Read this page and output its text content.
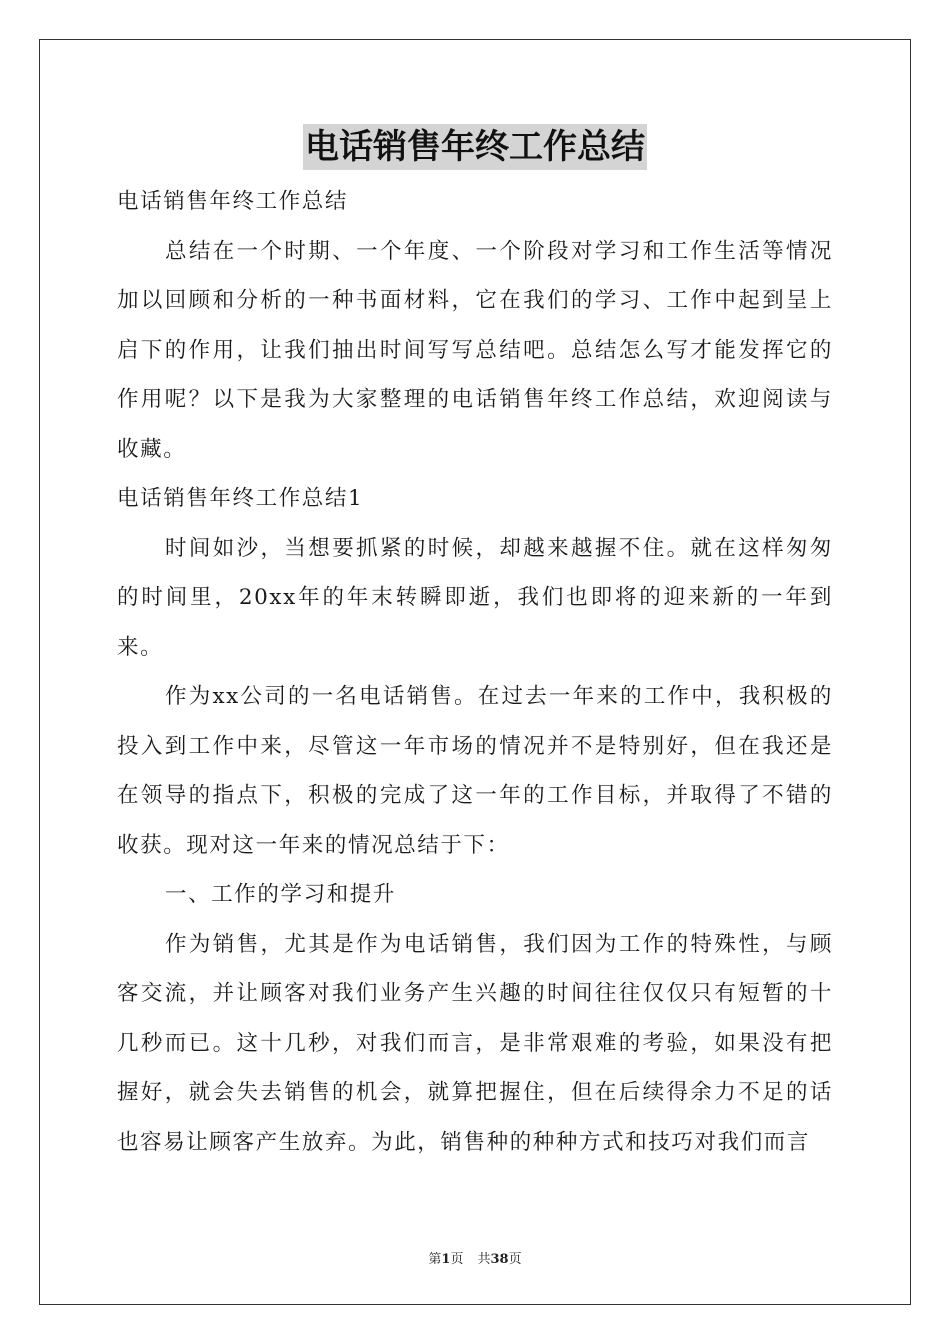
电话销售年终工作总结

电话销售年终工作总结

总结在一个时期、一个年度、一个阶段对学习和工作生活等情况加以回顾和分析的一种书面材料，它在我们的学习、工作中起到呈上启下的作用，让我们抽出时间写写总结吧。总结怎么写才能发挥它的作用呢？以下是我为大家整理的电话销售年终工作总结，欢迎阅读与收藏。

电话销售年终工作总结1

时间如沙，当想要抓紧的时候，却越来越握不住。就在这样匆匆的时间里，20xx年的年末转瞬即逝，我们也即将的迎来新的一年到来。

作为xx公司的一名电话销售。在过去一年来的工作中，我积极的投入到工作中来，尽管这一年市场的情况并不是特别好，但在我还是在领导的指点下，积极的完成了这一年的工作目标，并取得了不错的收获。现对这一年来的情况总结于下：

一、工作的学习和提升

作为销售，尤其是作为电话销售，我们因为工作的特殊性，与顾客交流，并让顾客对我们业务产生兴趣的时间往往仅仅只有短暂的十几秒而已。这十几秒，对我们而言，是非常艰难的考验，如果没有把握好，就会失去销售的机会，就算把握住，但在后续得余力不足的话也容易让顾客产生放弃。为此，销售种的种种方式和技巧对我们而言

第1页 共38页
